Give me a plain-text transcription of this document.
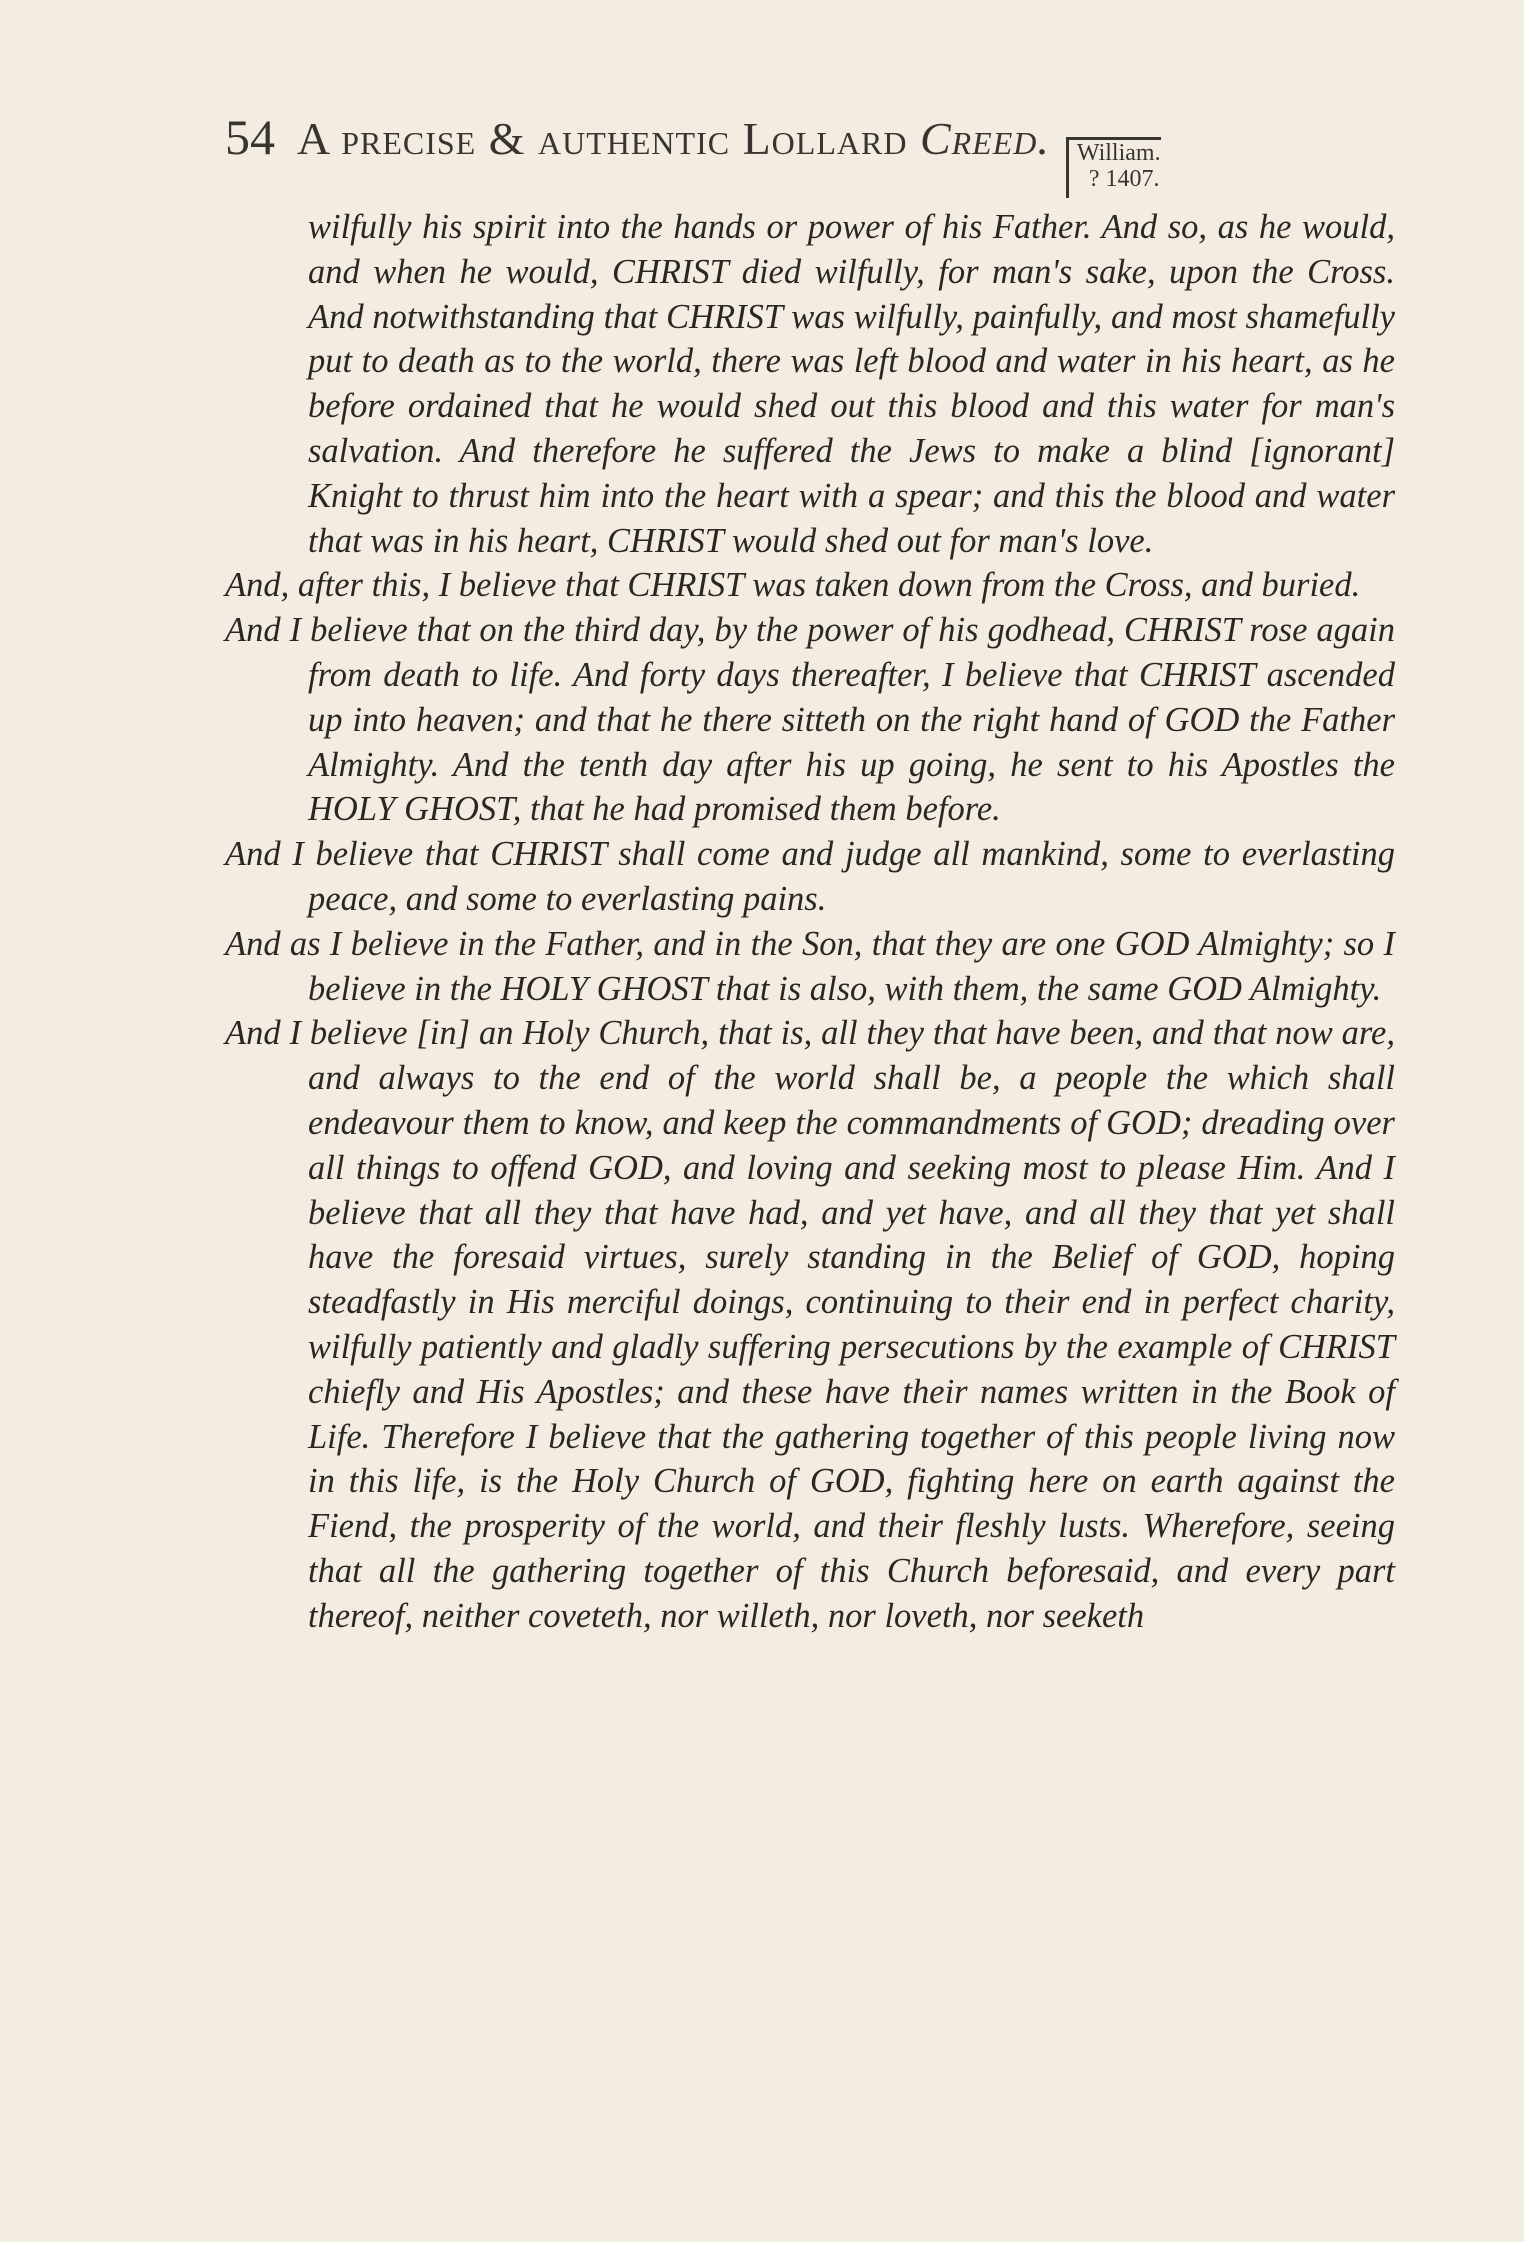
54 A precise & authentic Lollard Creed. William.
? 1407.

wilfully his spirit into the hands or power of his Father. And so, as he would, and when he would, CHRIST died wilfully, for man's sake, upon the Cross. And notwithstanding that CHRIST was wilfully, painfully, and most shamefully put to death as to the world, there was left blood and water in his heart, as he before ordained that he would shed out this blood and this water for man's salvation. And therefore he suffered the Jews to make a blind [ignorant] Knight to thrust him into the heart with a spear; and this the blood and water that was in his heart, CHRIST would shed out for man's love.

And, after this, I believe that CHRIST was taken down from the Cross, and buried.

And I believe that on the third day, by the power of his godhead, CHRIST rose again from death to life. And forty days thereafter, I believe that CHRIST ascended up into heaven; and that he there sitteth on the right hand of GOD the Father Almighty. And the tenth day after his up going, he sent to his Apostles the HOLY GHOST, that he had promised them before.

And I believe that CHRIST shall come and judge all mankind, some to everlasting peace, and some to everlasting pains.

And as I believe in the Father, and in the Son, that they are one GOD Almighty; so I believe in the HOLY GHOST that is also, with them, the same GOD Almighty.

And I believe [in] an Holy Church, that is, all they that have been, and that now are, and always to the end of the world shall be, a people the which shall endeavour them to know, and keep the commandments of GOD; dreading over all things to offend GOD, and loving and seeking most to please Him. And I believe that all they that have had, and yet have, and all they that yet shall have the foresaid virtues, surely standing in the Belief of GOD, hoping steadfastly in His merciful doings, continuing to their end in perfect charity, wilfully patiently and gladly suffering persecutions by the example of CHRIST chiefly and His Apostles; and these have their names written in the Book of Life. Therefore I believe that the gathering together of this people living now in this life, is the Holy Church of GOD, fighting here on earth against the Fiend, the prosperity of the world, and their fleshly lusts. Wherefore, seeing that all the gathering together of this Church beforesaid, and every part thereof, neither coveteth, nor willeth, nor loveth, nor seeketh
